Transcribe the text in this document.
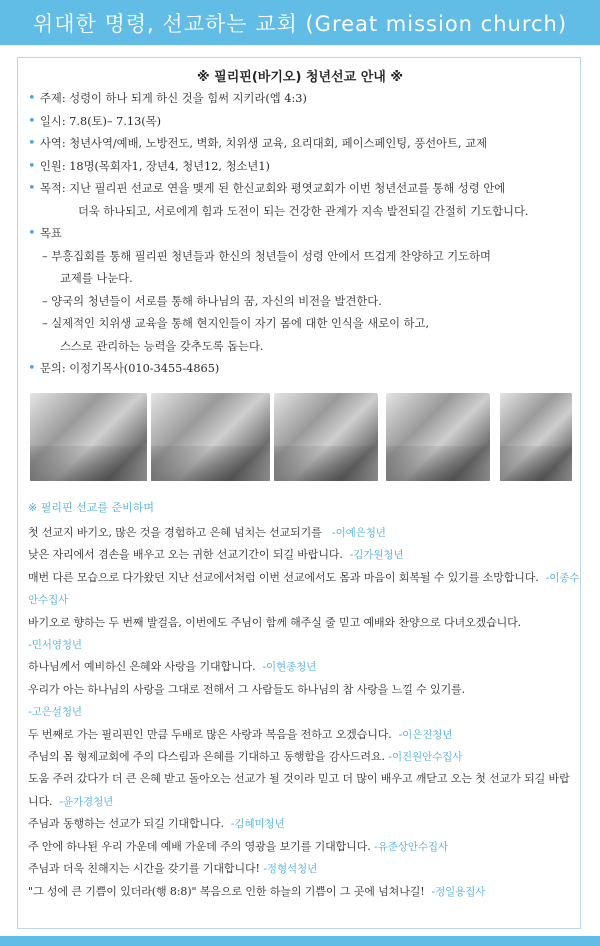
위대한 명령, 선교하는 교회 (Great mission church)
※ 필리핀(바기오) 청년선교 안내 ※
• 주제: 성령이 하나 되게 하신 것을 힘써 지키라(엡 4:3)
• 일시: 7.8(토)– 7.13(목)
• 사역: 청년사역/예배, 노방전도, 벽화, 치위생 교육, 요리대회, 페이스페인팅, 풍선아트, 교제
• 인원: 18명(목회자1, 장년4, 청년12, 청소년1)
• 목적: 지난 필리핀 선교로 연을 맺게 된 한신교회와 평엿교회가 이번 청년선교를 통해 성령 안에
더욱 하나되고, 서로에게 힘과 도전이 되는 건강한 관계가 지속 발전되길 간절히 기도합니다.
• 목표
– 부흥집회를 통해 필리핀 청년들과 한신의 청년들이 성령 안에서 뜨겁게 찬양하고 기도하며
교제를 나눈다.
– 양국의 청년들이 서로를 통해 하나님의 꿈, 자신의 비전을 발견한다.
– 실제적인 치위생 교육을 통해 현지인들이 자기 몸에 대한 인식을 새로이 하고,
스스로 관리하는 능력을 갖추도록 돕는다.
• 문의: 이정기목사(010-3455-4865)
※ 필리핀 선교를 준비하며
첫 선교지 바기오, 많은 것을 경험하고 은혜 넘치는 선교되기를 -이예은청년
낮은 자리에서 겸손을 배우고 오는 귀한 선교기간이 되길 바랍니다. -김가원청년
매번 다른 모습으로 다가왔던 지난 선교에서처럼 이번 선교에서도 몸과 마음이 회복될 수 있기를 소망합니다. -이종수안수집사
바기오로 향하는 두 번째 발걸음, 이번에도 주님이 함께 해주실 줄 믿고 예배와 찬양으로 다녀오겠습니다.
-민서영청년
하나님께서 예비하신 은혜와 사랑을 기대합니다. -이현종청년
우리가 아는 하나님의 사랑을 그대로 전해서 그 사람들도 하나님의 참 사랑을 느낄 수 있기를.
-고은설청년
두 번째로 가는 필리핀인 만큼 두배로 많은 사랑과 복음을 전하고 오겠습니다. -이은진청년
주님의 몸 형제교회에 주의 다스림과 은혜를 기대하고 동행함을 감사드려요. -이진원안수집사
도움 주러 갔다가 더 큰 은혜 받고 돌아오는 선교가 될 것이라 믿고 더 많이 배우고 깨닫고 오는 첫 선교가 되길 바랍니다. -윤가경청년
주님과 동행하는 선교가 되길 기대합니다. -김혜미청년
주 안에 하나된 우리 가운데 예배 가운데 주의 영광을 보기를 기대합니다. -유준상안수집사
주님과 더욱 친해지는 시간을 갖기를 기대합니다! -정형석청년
"그 성에 큰 기쁨이 있더라(행 8:8)" 복음으로 인한 하늘의 기쁨이 그 곳에 넘쳐나길! -정일용집사
